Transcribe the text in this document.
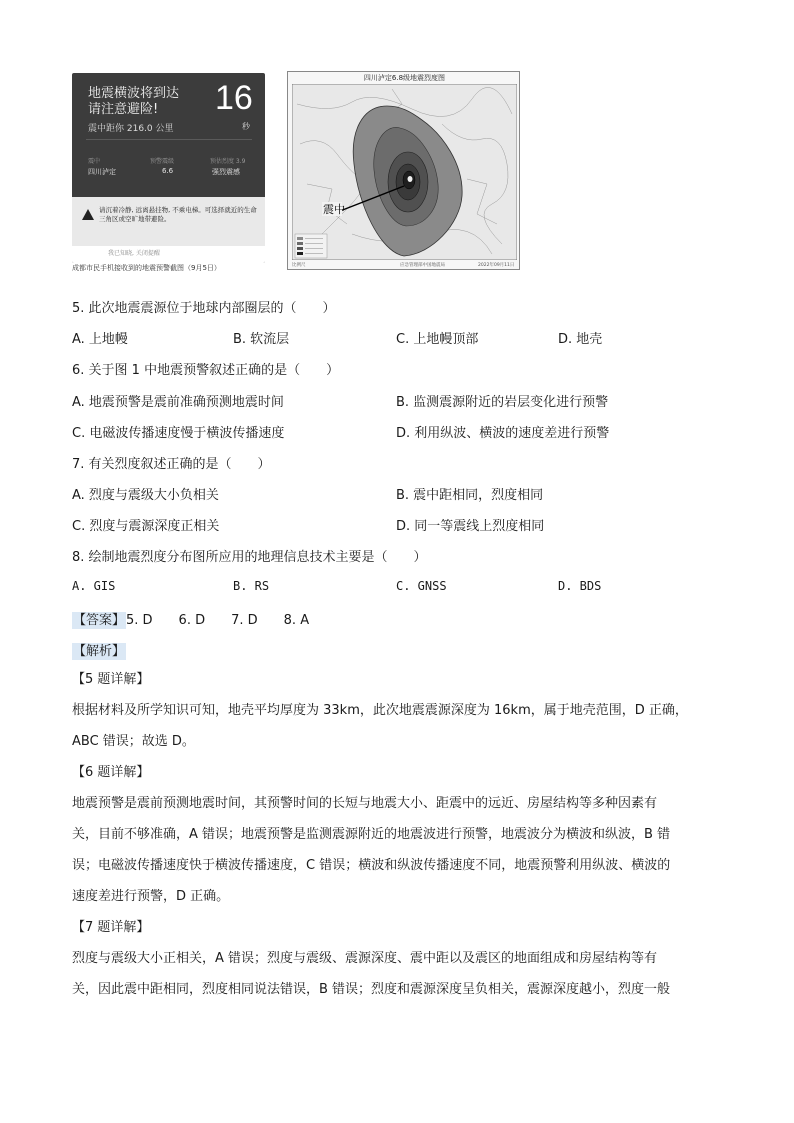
地震横波将到达
请注意避险! 16
震中距你 216.0 公里	秒
震中	预警震级	预估烈度 3.9
四川泸定	6.6	强烈震感
请沉着冷静, 远离悬挂物, 不乘电梯。可选择就近的生命三角区或空旷地带避险。
我已知晓, 关闭提醒
成都市民手机接收到的地震预警截图（9月5日）
四川泸定6.8级地震烈度图
震中
比例尺	应急管理部中国地震局	2022年09月11日
5. 此次地震震源位于地球内部圈层的（　　）
A. 上地幔	B. 软流层	C. 上地幔顶部	D. 地壳
6. 关于图 1 中地震预警叙述正确的是（　　）
A. 地震预警是震前准确预测地震时间	B. 监测震源附近的岩层变化进行预警
C. 电磁波传播速度慢于横波传播速度	D. 利用纵波、横波的速度差进行预警
7. 有关烈度叙述正确的是（　　）
A. 烈度与震级大小负相关	B. 震中距相同，烈度相同
C. 烈度与震源深度正相关	D. 同一等震线上烈度相同
8. 绘制地震烈度分布图所应用的地理信息技术主要是（　　）
A. GIS	B. RS	C. GNSS	D. BDS
【答案】5. D　　6. D　　7. D　　8. A
【解析】

【5 题详解】

根据材料及所学知识可知，地壳平均厚度为 33km，此次地震震源深度为 16km，属于地壳范围，D 正确，

ABC 错误；故选 D。

【6 题详解】

地震预警是震前预测地震时间，其预警时间的长短与地震大小、距震中的远近、房屋结构等多种因素有

关，目前不够准确，A 错误；地震预警是监测震源附近的地震波进行预警，地震波分为横波和纵波，B 错

误；电磁波传播速度快于横波传播速度，C 错误；横波和纵波传播速度不同，地震预警利用纵波、横波的

速度差进行预警，D 正确。

【7 题详解】

烈度与震级大小正相关，A 错误；烈度与震级、震源深度、震中距以及震区的地面组成和房屋结构等有

关，因此震中距相同，烈度相同说法错误，B 错误；烈度和震源深度呈负相关，震源深度越小，烈度一般
